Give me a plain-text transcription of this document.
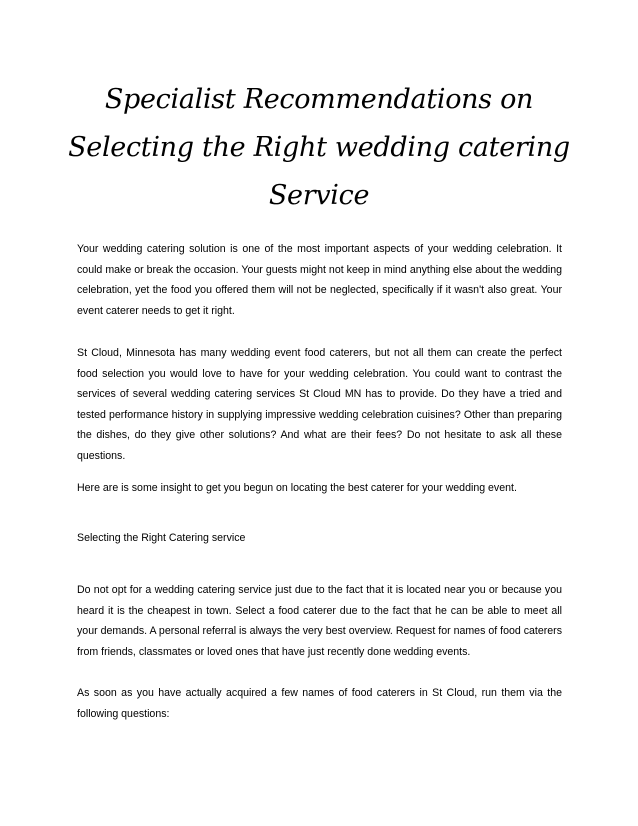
Specialist Recommendations on
Selecting the Right wedding catering
Service

Your wedding catering solution is one of the most important aspects of your wedding celebration. It could make or break the occasion. Your guests might not keep in mind anything else about the wedding celebration, yet the food you offered them will not be neglected, specifically if it wasn't also great. Your event caterer needs to get it right.

St Cloud, Minnesota has many wedding event food caterers, but not all them can create the perfect food selection you would love to have for your wedding celebration. You could want to contrast the services of several wedding catering services St Cloud MN has to provide. Do they have a tried and tested performance history in supplying impressive wedding celebration cuisines? Other than preparing the dishes, do they give other solutions? And what are their fees? Do not hesitate to ask all these questions.

Here are is some insight to get you begun on locating the best caterer for your wedding event.

Selecting the Right Catering service

Do not opt for a wedding catering service just due to the fact that it is located near you or because you heard it is the cheapest in town. Select a food caterer due to the fact that he can be able to meet all your demands. A personal referral is always the very best overview. Request for names of food caterers from friends, classmates or loved ones that have just recently done wedding events.

As soon as you have actually acquired a few names of food caterers in St Cloud, run them via the following questions:
